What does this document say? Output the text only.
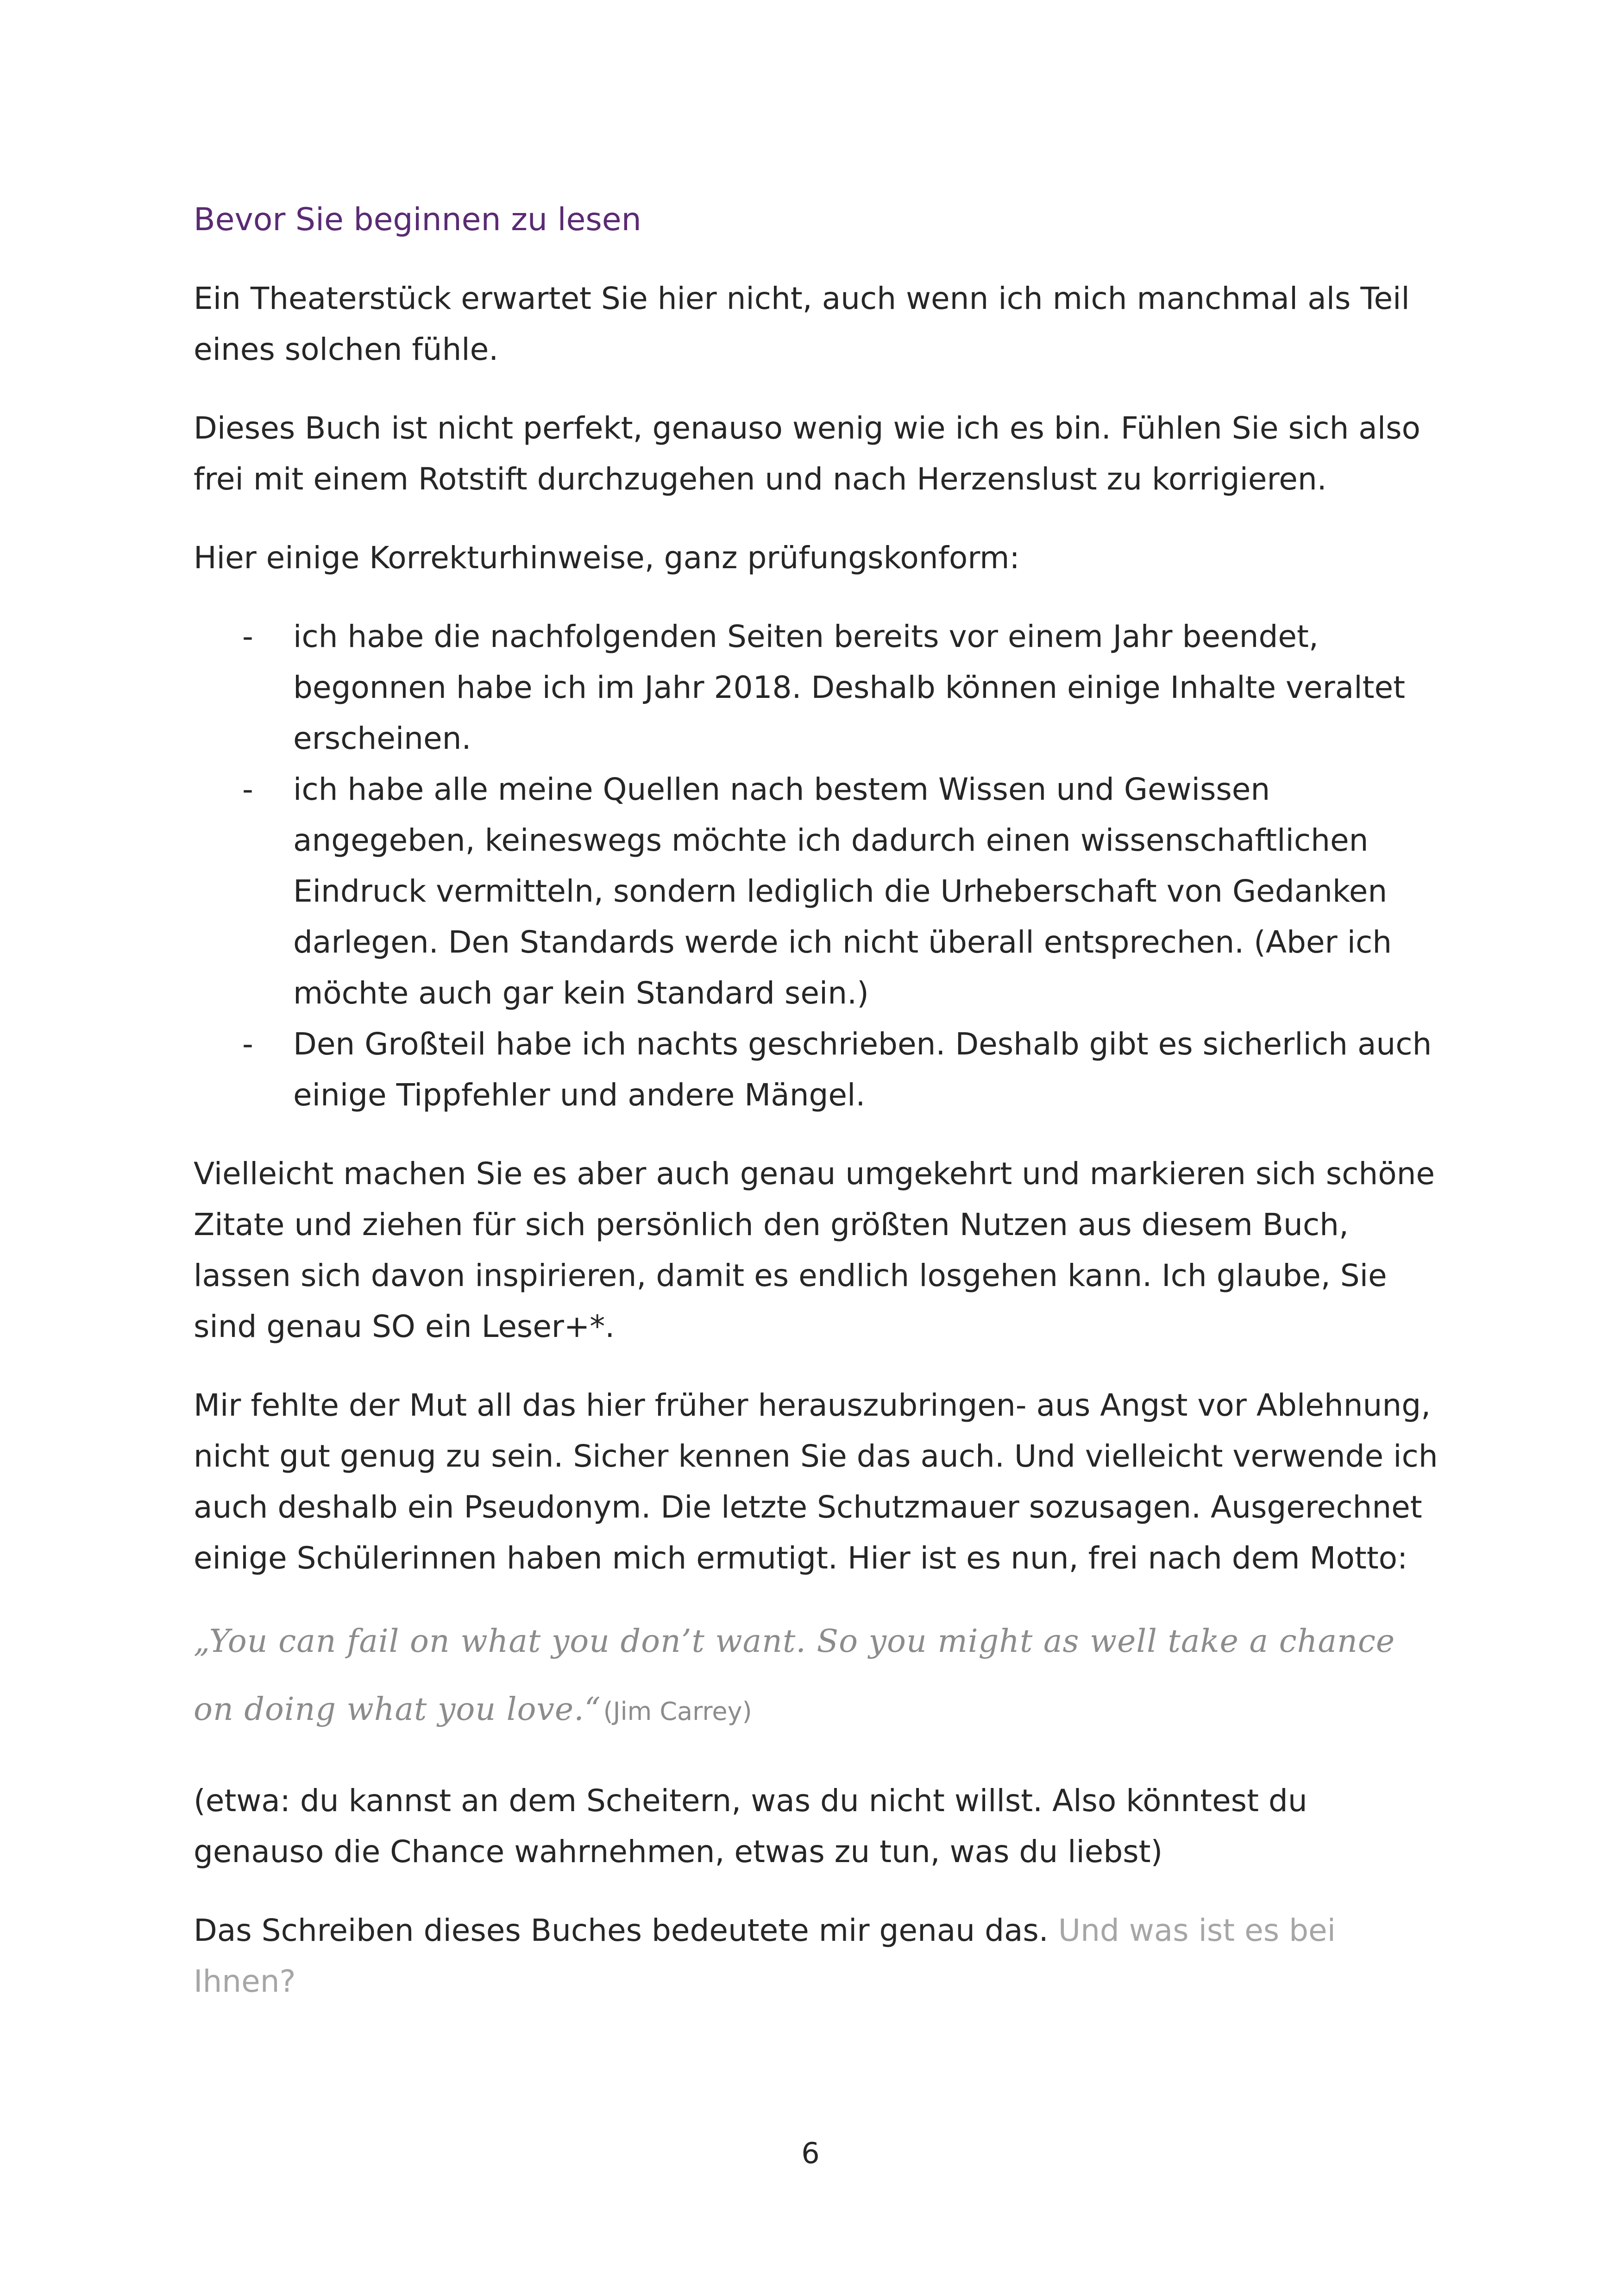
Bevor Sie beginnen zu lesen

Ein Theaterstück erwartet Sie hier nicht, auch wenn ich mich manchmal als Teil eines solchen fühle.

Dieses Buch ist nicht perfekt, genauso wenig wie ich es bin. Fühlen Sie sich also frei mit einem Rotstift durchzugehen und nach Herzenslust zu korrigieren.

Hier einige Korrekturhinweise, ganz prüfungskonform:

- ich habe die nachfolgenden Seiten bereits vor einem Jahr beendet, begonnen habe ich im Jahr 2018. Deshalb können einige Inhalte veraltet erscheinen.
- ich habe alle meine Quellen nach bestem Wissen und Gewissen angegeben, keineswegs möchte ich dadurch einen wissenschaftlichen Eindruck vermitteln, sondern lediglich die Urheberschaft von Gedanken darlegen. Den Standards werde ich nicht überall entsprechen. (Aber ich möchte auch gar kein Standard sein.)
- Den Großteil habe ich nachts geschrieben. Deshalb gibt es sicherlich auch einige Tippfehler und andere Mängel.

Vielleicht machen Sie es aber auch genau umgekehrt und markieren sich schöne Zitate und ziehen für sich persönlich den größten Nutzen aus diesem Buch, lassen sich davon inspirieren, damit es endlich losgehen kann. Ich glaube, Sie sind genau SO ein Leser+*.

Mir fehlte der Mut all das hier früher herauszubringen- aus Angst vor Ablehnung, nicht gut genug zu sein. Sicher kennen Sie das auch. Und vielleicht verwende ich auch deshalb ein Pseudonym. Die letzte Schutzmauer sozusagen. Ausgerechnet einige Schülerinnen haben mich ermutigt. Hier ist es nun, frei nach dem Motto:

„You can fail on what you don’t want. So you might as well take a chance on doing what you love.“ (Jim Carrey)

(etwa: du kannst an dem Scheitern, was du nicht willst. Also könntest du genauso die Chance wahrnehmen, etwas zu tun, was du liebst)

Das Schreiben dieses Buches bedeutete mir genau das. Und was ist es bei Ihnen?

6
